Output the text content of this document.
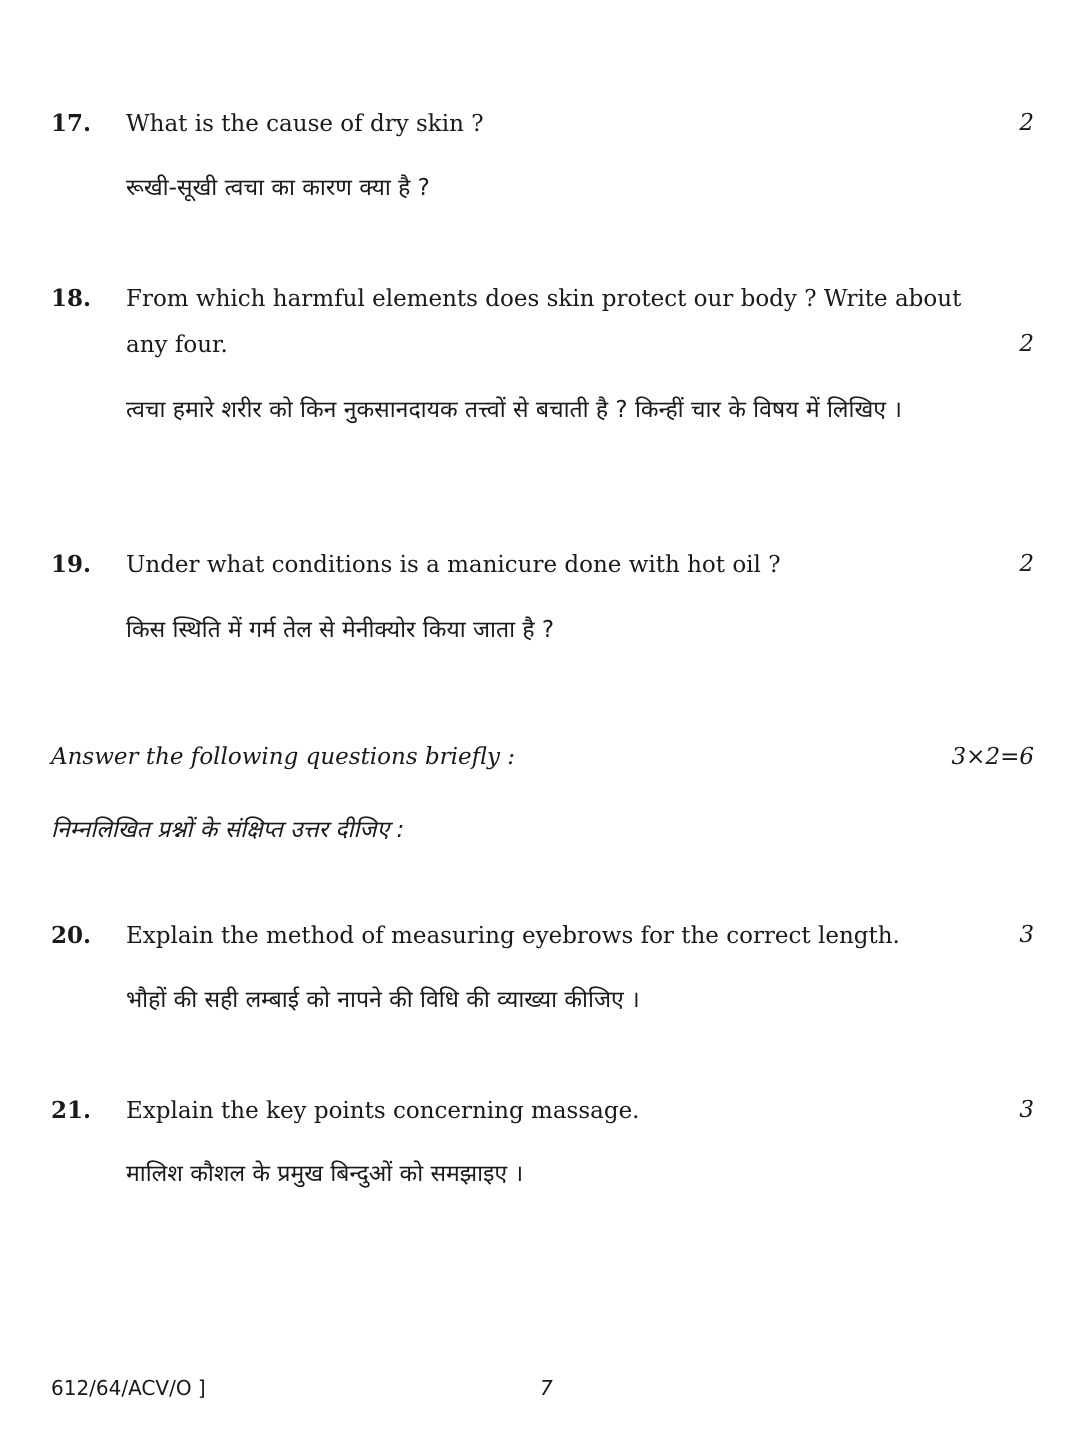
17. What is the cause of dry skin ?	2
रूखी-सूखी त्वचा का कारण क्या है ?
18. From which harmful elements does skin protect our body ? Write about
any four.	2
त्वचा हमारे शरीर को किन नुकसानदायक तत्त्वों से बचाती है ? किन्हीं चार के विषय में लिखिए ।
19. Under what conditions is a manicure done with hot oil ?	2
किस स्थिति में गर्म तेल से मेनीक्योर किया जाता है ?
Answer the following questions briefly :	3×2=6
निम्नलिखित प्रश्नों के संक्षिप्त उत्तर दीजिए :
20. Explain the method of measuring eyebrows for the correct length.	3
भौहों की सही लम्बाई को नापने की विधि की व्याख्या कीजिए ।
21. Explain the key points concerning massage.	3
मालिश कौशल के प्रमुख बिन्दुओं को समझाइए ।
612/64/ACV/O ]	7
